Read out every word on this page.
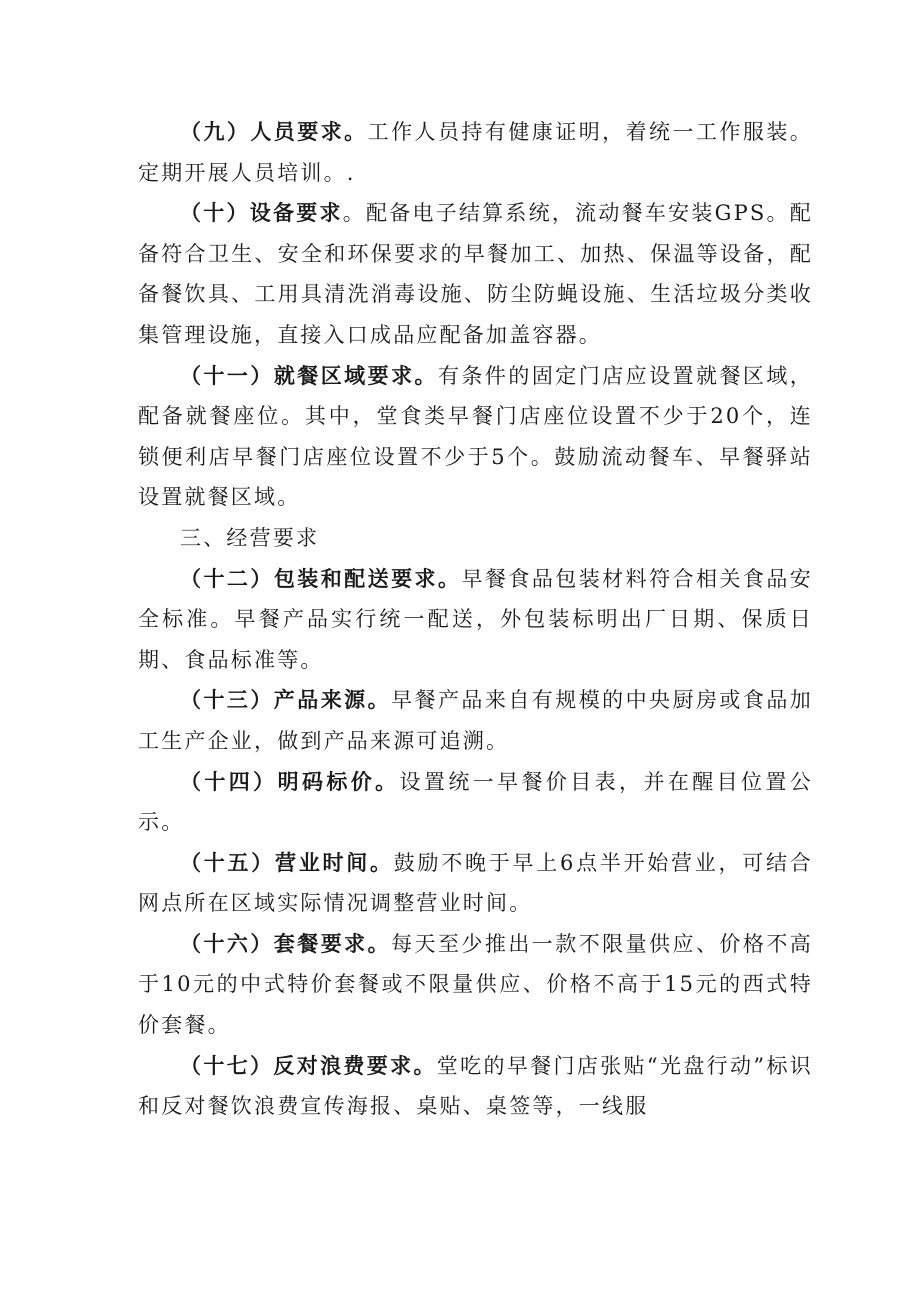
（九）人员要求。工作人员持有健康证明，着统一工作服装。定期开展人员培训。.

（十）设备要求。配备电子结算系统，流动餐车安装GPS。配备符合卫生、安全和环保要求的早餐加工、加热、保温等设备，配备餐饮具、工用具清洗消毒设施、防尘防蝇设施、生活垃圾分类收集管理设施，直接入口成品应配备加盖容器。

（十一）就餐区域要求。有条件的固定门店应设置就餐区域，配备就餐座位。其中，堂食类早餐门店座位设置不少于20个，连锁便利店早餐门店座位设置不少于5个。鼓励流动餐车、早餐驿站设置就餐区域。

三、经营要求

（十二）包装和配送要求。早餐食品包装材料符合相关食品安全标准。早餐产品实行统一配送，外包装标明出厂日期、保质日期、食品标准等。

（十三）产品来源。早餐产品来自有规模的中央厨房或食品加工生产企业，做到产品来源可追溯。

（十四）明码标价。设置统一早餐价目表，并在醒目位置公示。

（十五）营业时间。鼓励不晚于早上6点半开始营业，可结合网点所在区域实际情况调整营业时间。

（十六）套餐要求。每天至少推出一款不限量供应、价格不高于10元的中式特价套餐或不限量供应、价格不高于15元的西式特价套餐。

（十七）反对浪费要求。堂吃的早餐门店张贴“光盘行动”标识和反对餐饮浪费宣传海报、桌贴、桌签等，一线服
